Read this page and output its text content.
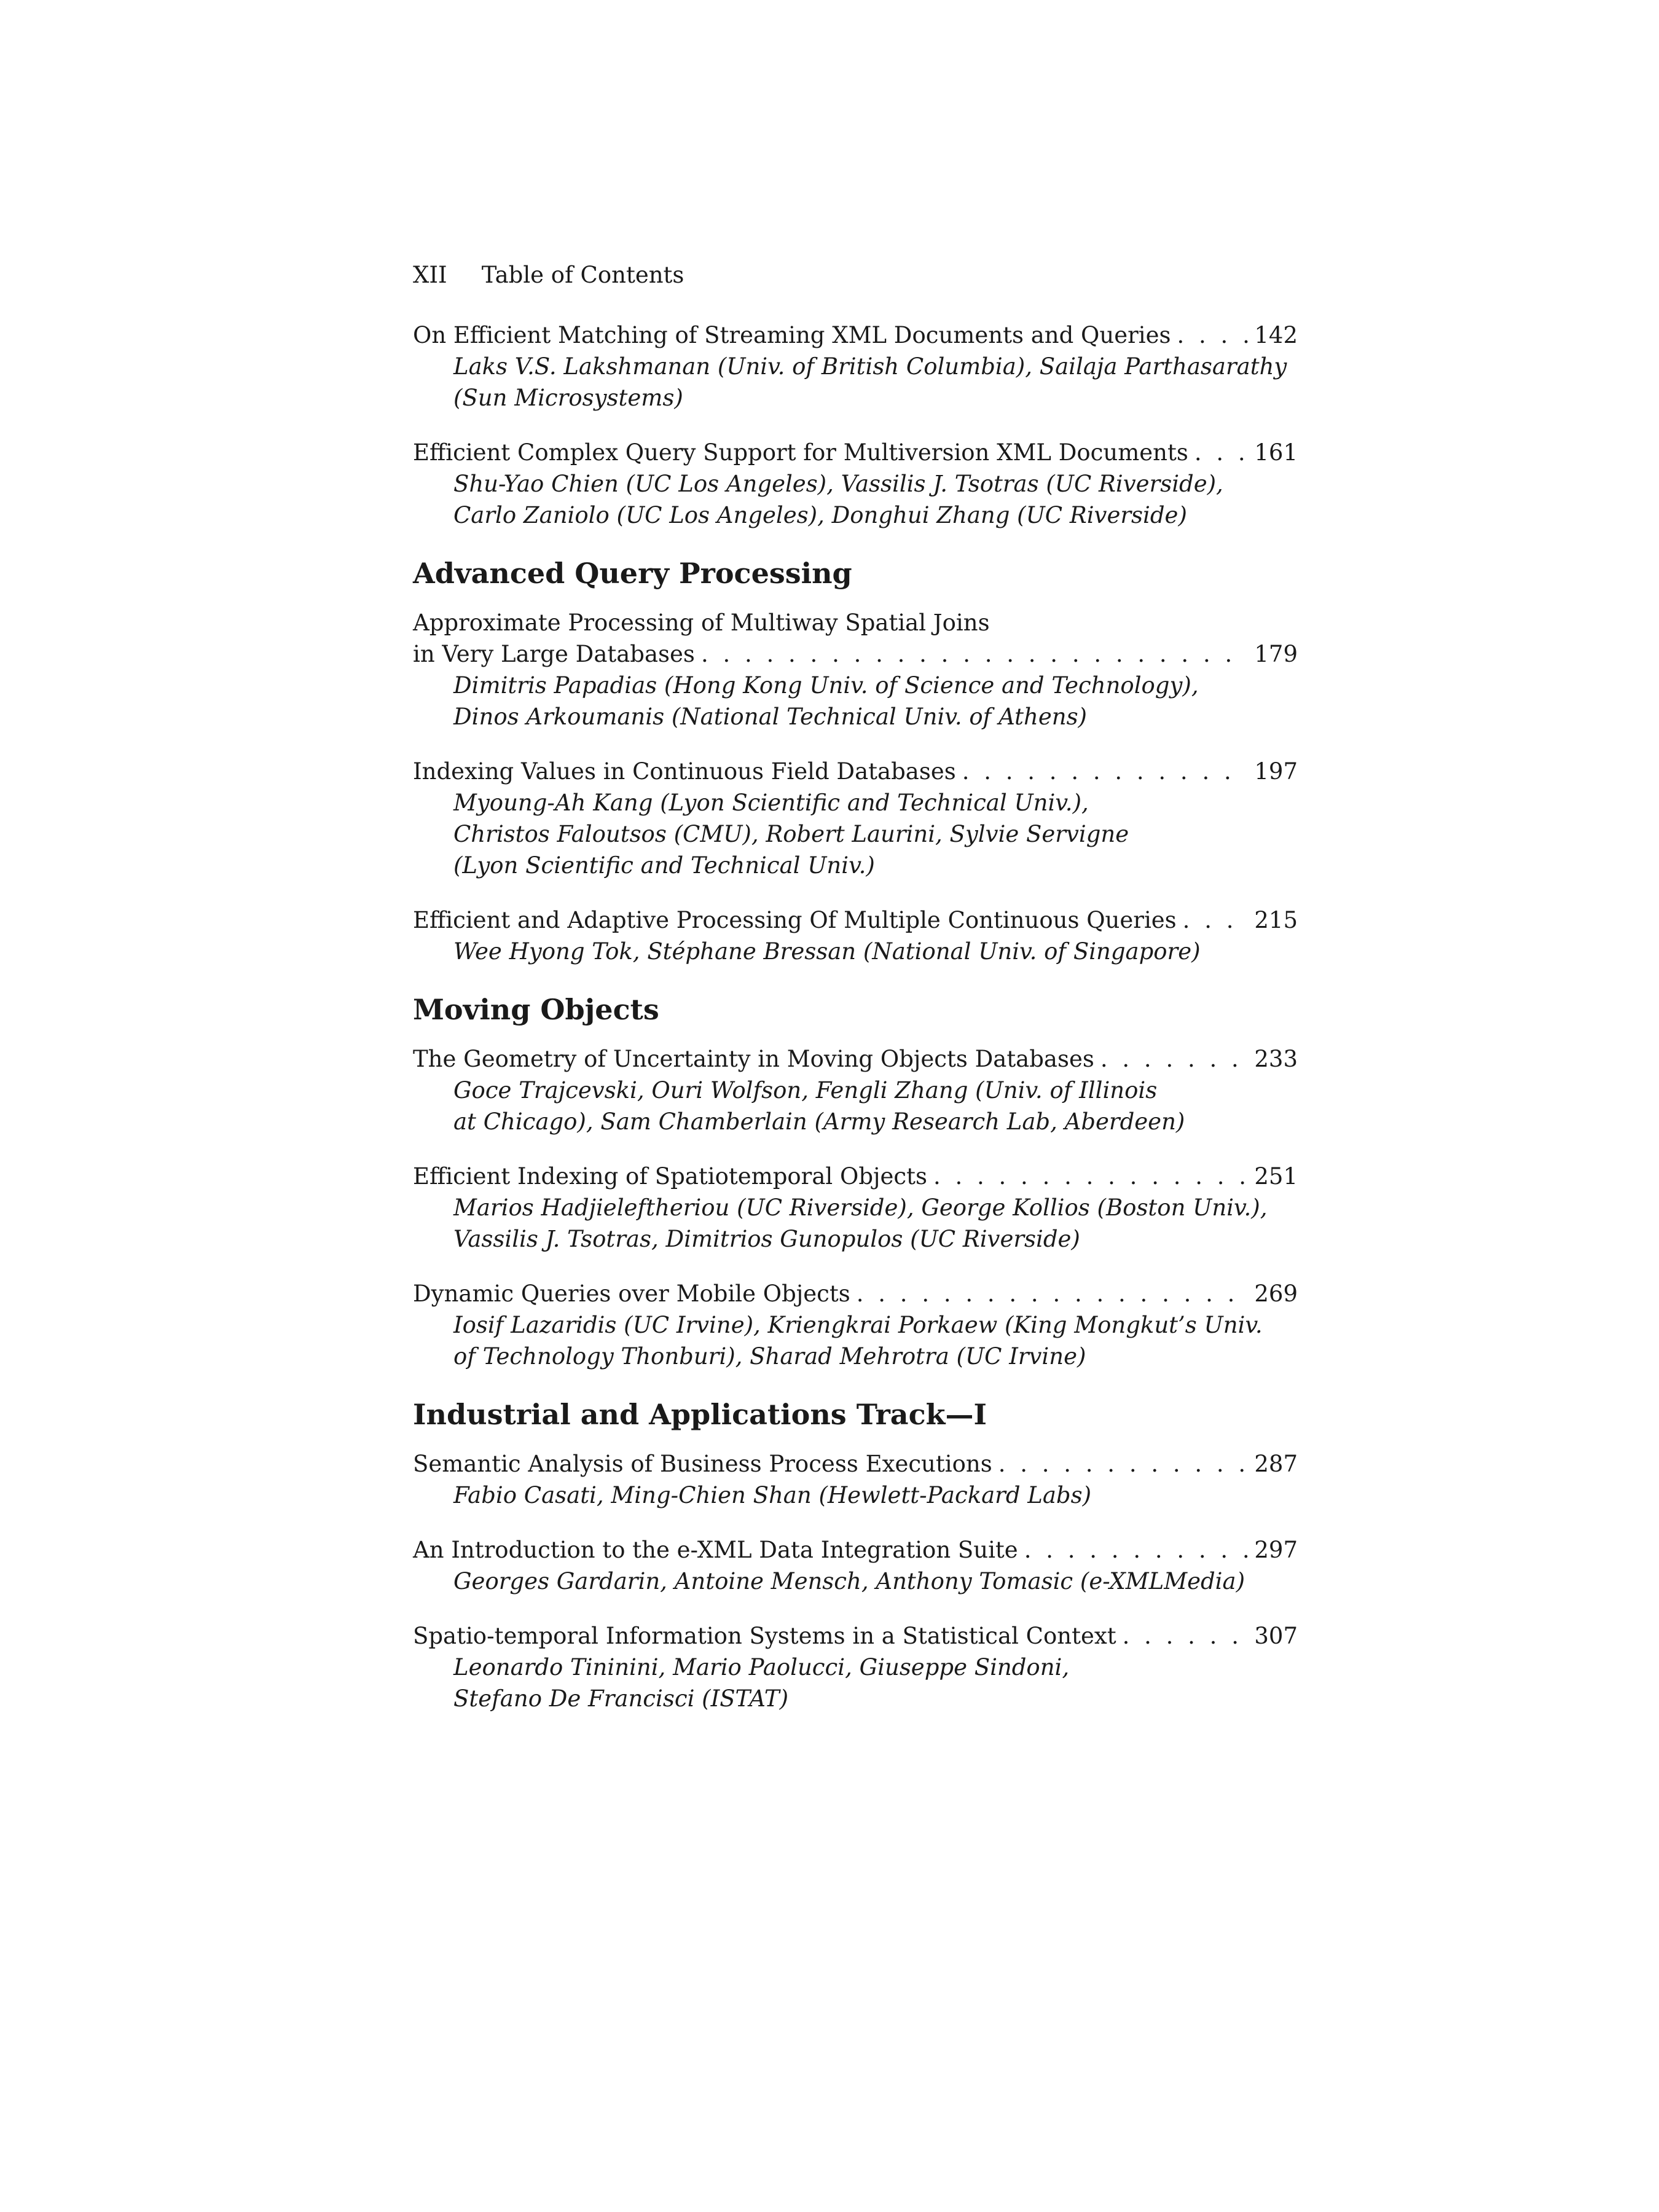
XII Table of Contents
On Efficient Matching of Streaming XML Documents and Queries . . .	142
Laks V.S. Lakshmanan (Univ. of British Columbia), Sailaja Parthasarathy
(Sun Microsystems)
Efficient Complex Query Support for Multiversion XML Documents . . .	161
Shu-Yao Chien (UC Los Angeles), Vassilis J. Tsotras (UC Riverside),
Carlo Zaniolo (UC Los Angeles), Donghui Zhang (UC Riverside)
Advanced Query Processing
Approximate Processing of Multiway Spatial Joins
in Very Large Databases . . .	179
Dimitris Papadias (Hong Kong Univ. of Science and Technology),
Dinos Arkoumanis (National Technical Univ. of Athens)
Indexing Values in Continuous Field Databases . . .	197
Myoung-Ah Kang (Lyon Scientific and Technical Univ.),
Christos Faloutsos (CMU), Robert Laurini, Sylvie Servigne
(Lyon Scientific and Technical Univ.)
Efficient and Adaptive Processing Of Multiple Continuous Queries . . .	215
Wee Hyong Tok, Stéphane Bressan (National Univ. of Singapore)
Moving Objects
The Geometry of Uncertainty in Moving Objects Databases . . .	233
Goce Trajcevski, Ouri Wolfson, Fengli Zhang (Univ. of Illinois
at Chicago), Sam Chamberlain (Army Research Lab, Aberdeen)
Efficient Indexing of Spatiotemporal Objects . . .	251
Marios Hadjieleftheriou (UC Riverside), George Kollios (Boston Univ.),
Vassilis J. Tsotras, Dimitrios Gunopulos (UC Riverside)
Dynamic Queries over Mobile Objects . . .	269
Iosif Lazaridis (UC Irvine), Kriengkrai Porkaew (King Mongkut’s Univ.
of Technology Thonburi), Sharad Mehrotra (UC Irvine)
Industrial and Applications Track—I
Semantic Analysis of Business Process Executions . . .	287
Fabio Casati, Ming-Chien Shan (Hewlett-Packard Labs)
An Introduction to the e-XML Data Integration Suite . . .	297
Georges Gardarin, Antoine Mensch, Anthony Tomasic (e-XMLMedia)
Spatio-temporal Information Systems in a Statistical Context . . .	307
Leonardo Tininini, Mario Paolucci, Giuseppe Sindoni,
Stefano De Francisci (ISTAT)
